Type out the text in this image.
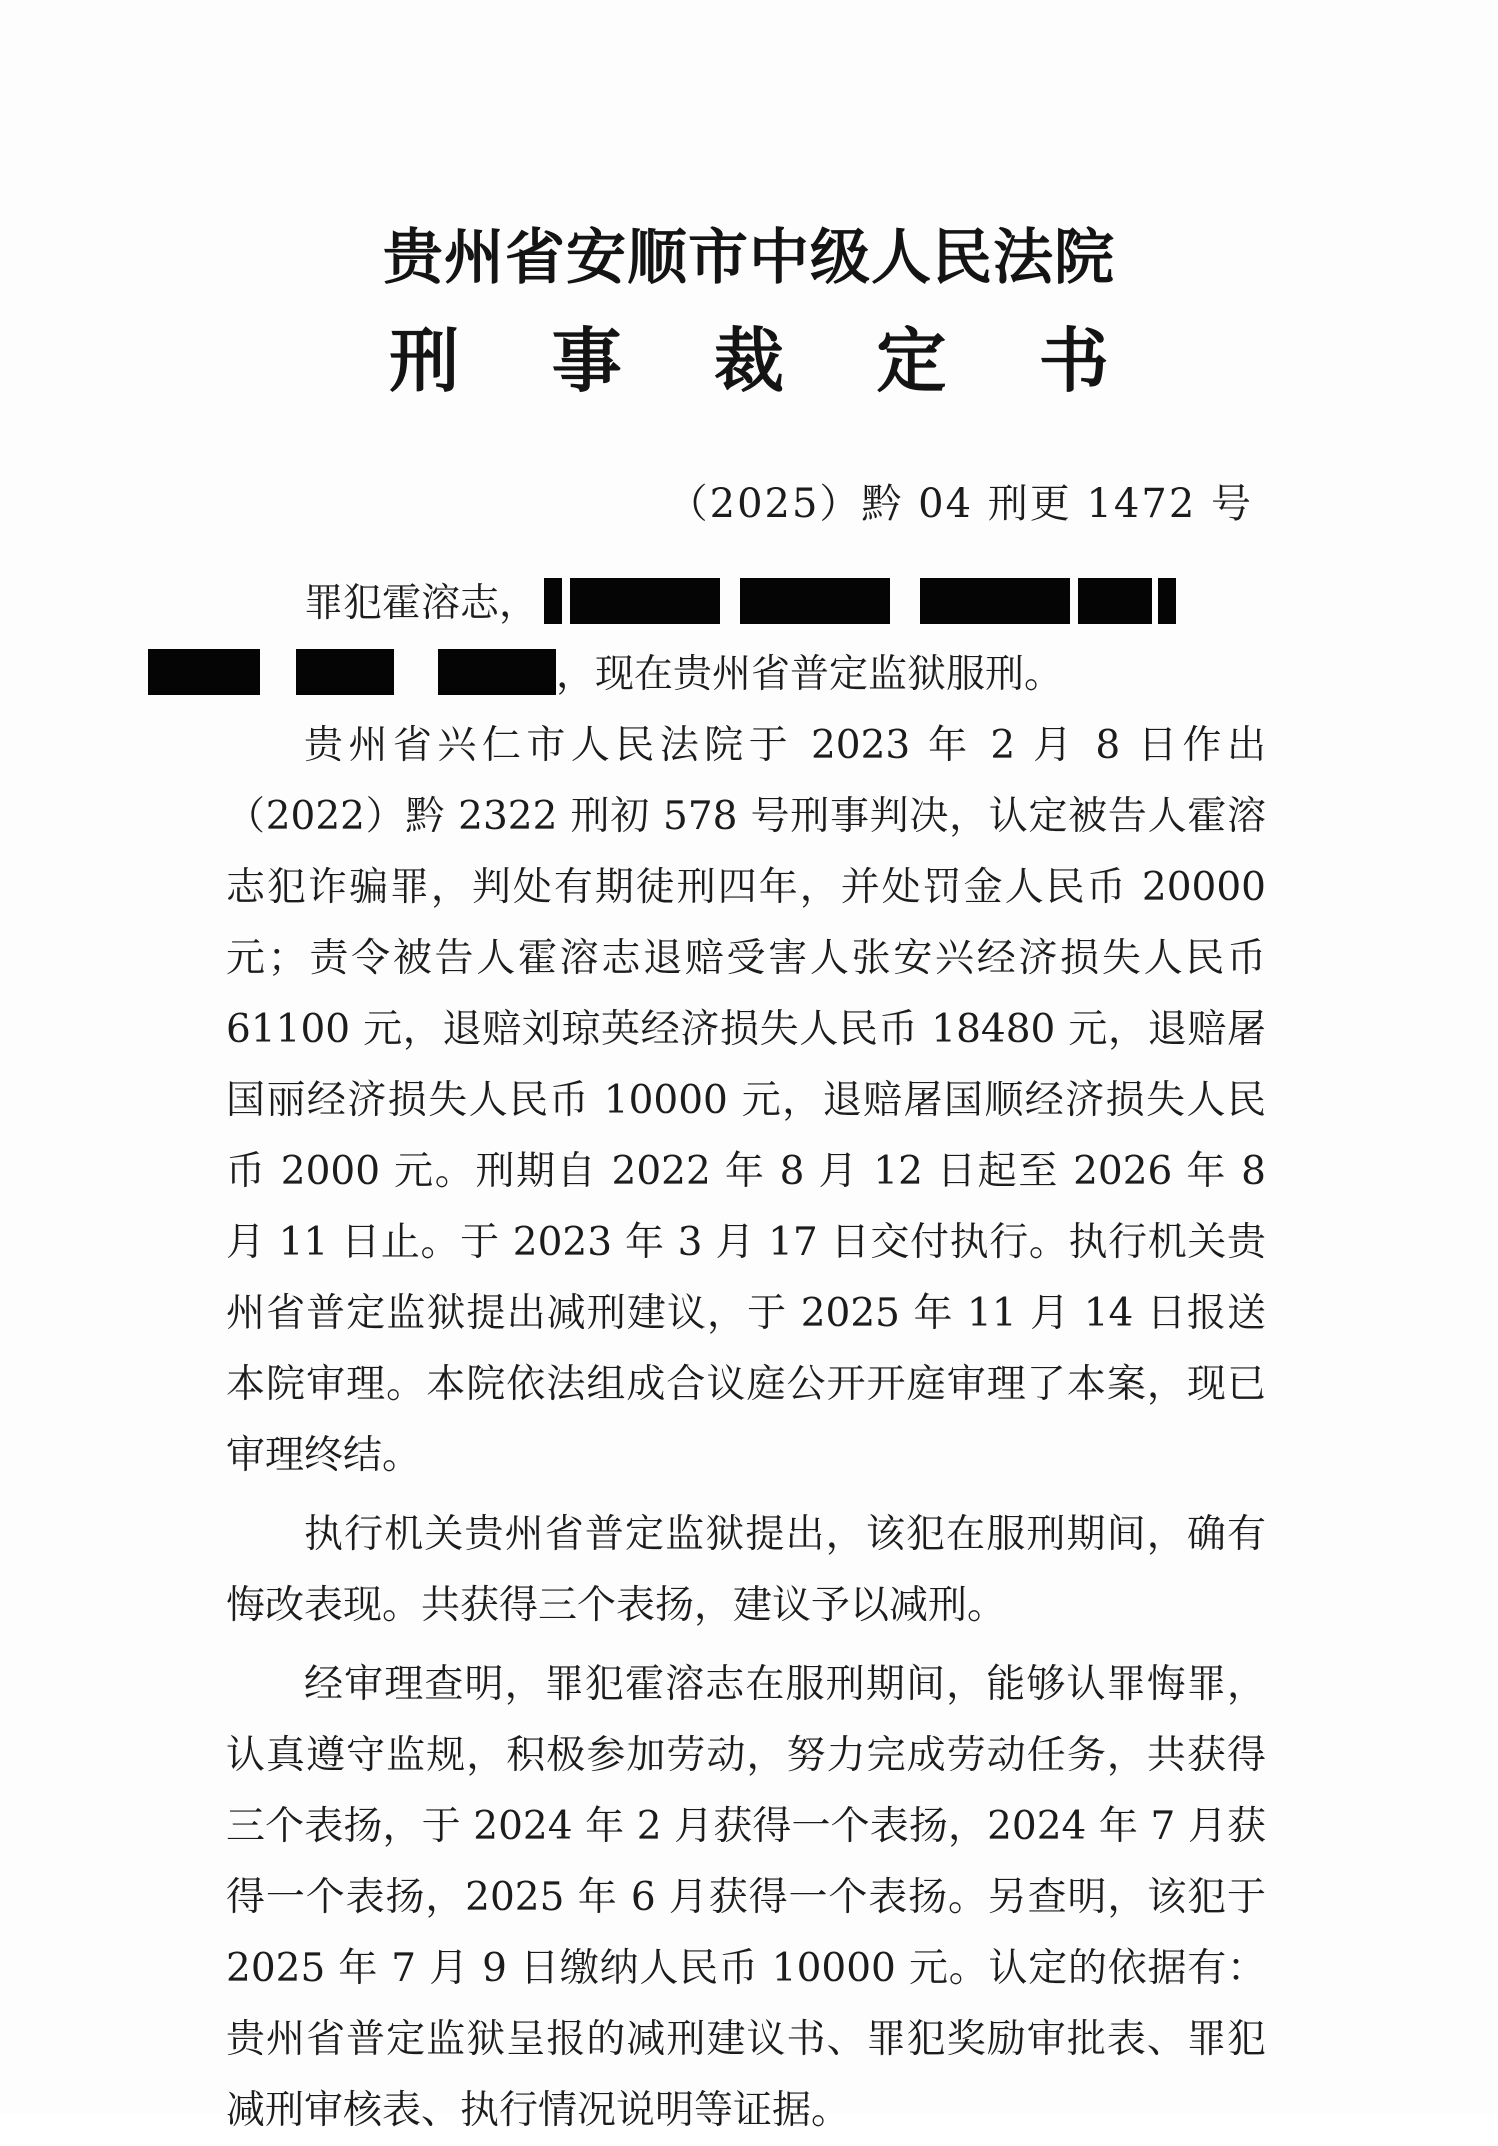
贵州省安顺市中级人民法院
刑 事 裁 定 书
（2025）黔 04 刑更 1472 号

罪犯霍溶志，
，现在贵州省普定监狱服刑。

贵州省兴仁市人民法院于 2023 年 2 月 8 日作出（2022）黔 2322 刑初 578 号刑事判决，认定被告人霍溶志犯诈骗罪，判处有期徒刑四年，并处罚金人民币 20000 元；责令被告人霍溶志退赔受害人张安兴经济损失人民币 61100 元，退赔刘琼英经济损失人民币 18480 元，退赔屠国丽经济损失人民币 10000 元，退赔屠国顺经济损失人民币 2000 元。刑期自 2022 年 8 月 12 日起至 2026 年 8 月 11 日止。于 2023 年 3 月 17 日交付执行。执行机关贵州省普定监狱提出减刑建议，于 2025 年 11 月 14 日报送本院审理。本院依法组成合议庭公开开庭审理了本案，现已审理终结。

执行机关贵州省普定监狱提出，该犯在服刑期间，确有悔改表现。共获得三个表扬，建议予以减刑。

经审理查明，罪犯霍溶志在服刑期间，能够认罪悔罪，认真遵守监规，积极参加劳动，努力完成劳动任务，共获得三个表扬，于 2024 年 2 月获得一个表扬，2024 年 7 月获得一个表扬，2025 年 6 月获得一个表扬。另查明，该犯于 2025 年 7 月 9 日缴纳人民币 10000 元。认定的依据有：贵州省普定监狱呈报的减刑建议书、罪犯奖励审批表、罪犯减刑审核表、执行情况说明等证据。
